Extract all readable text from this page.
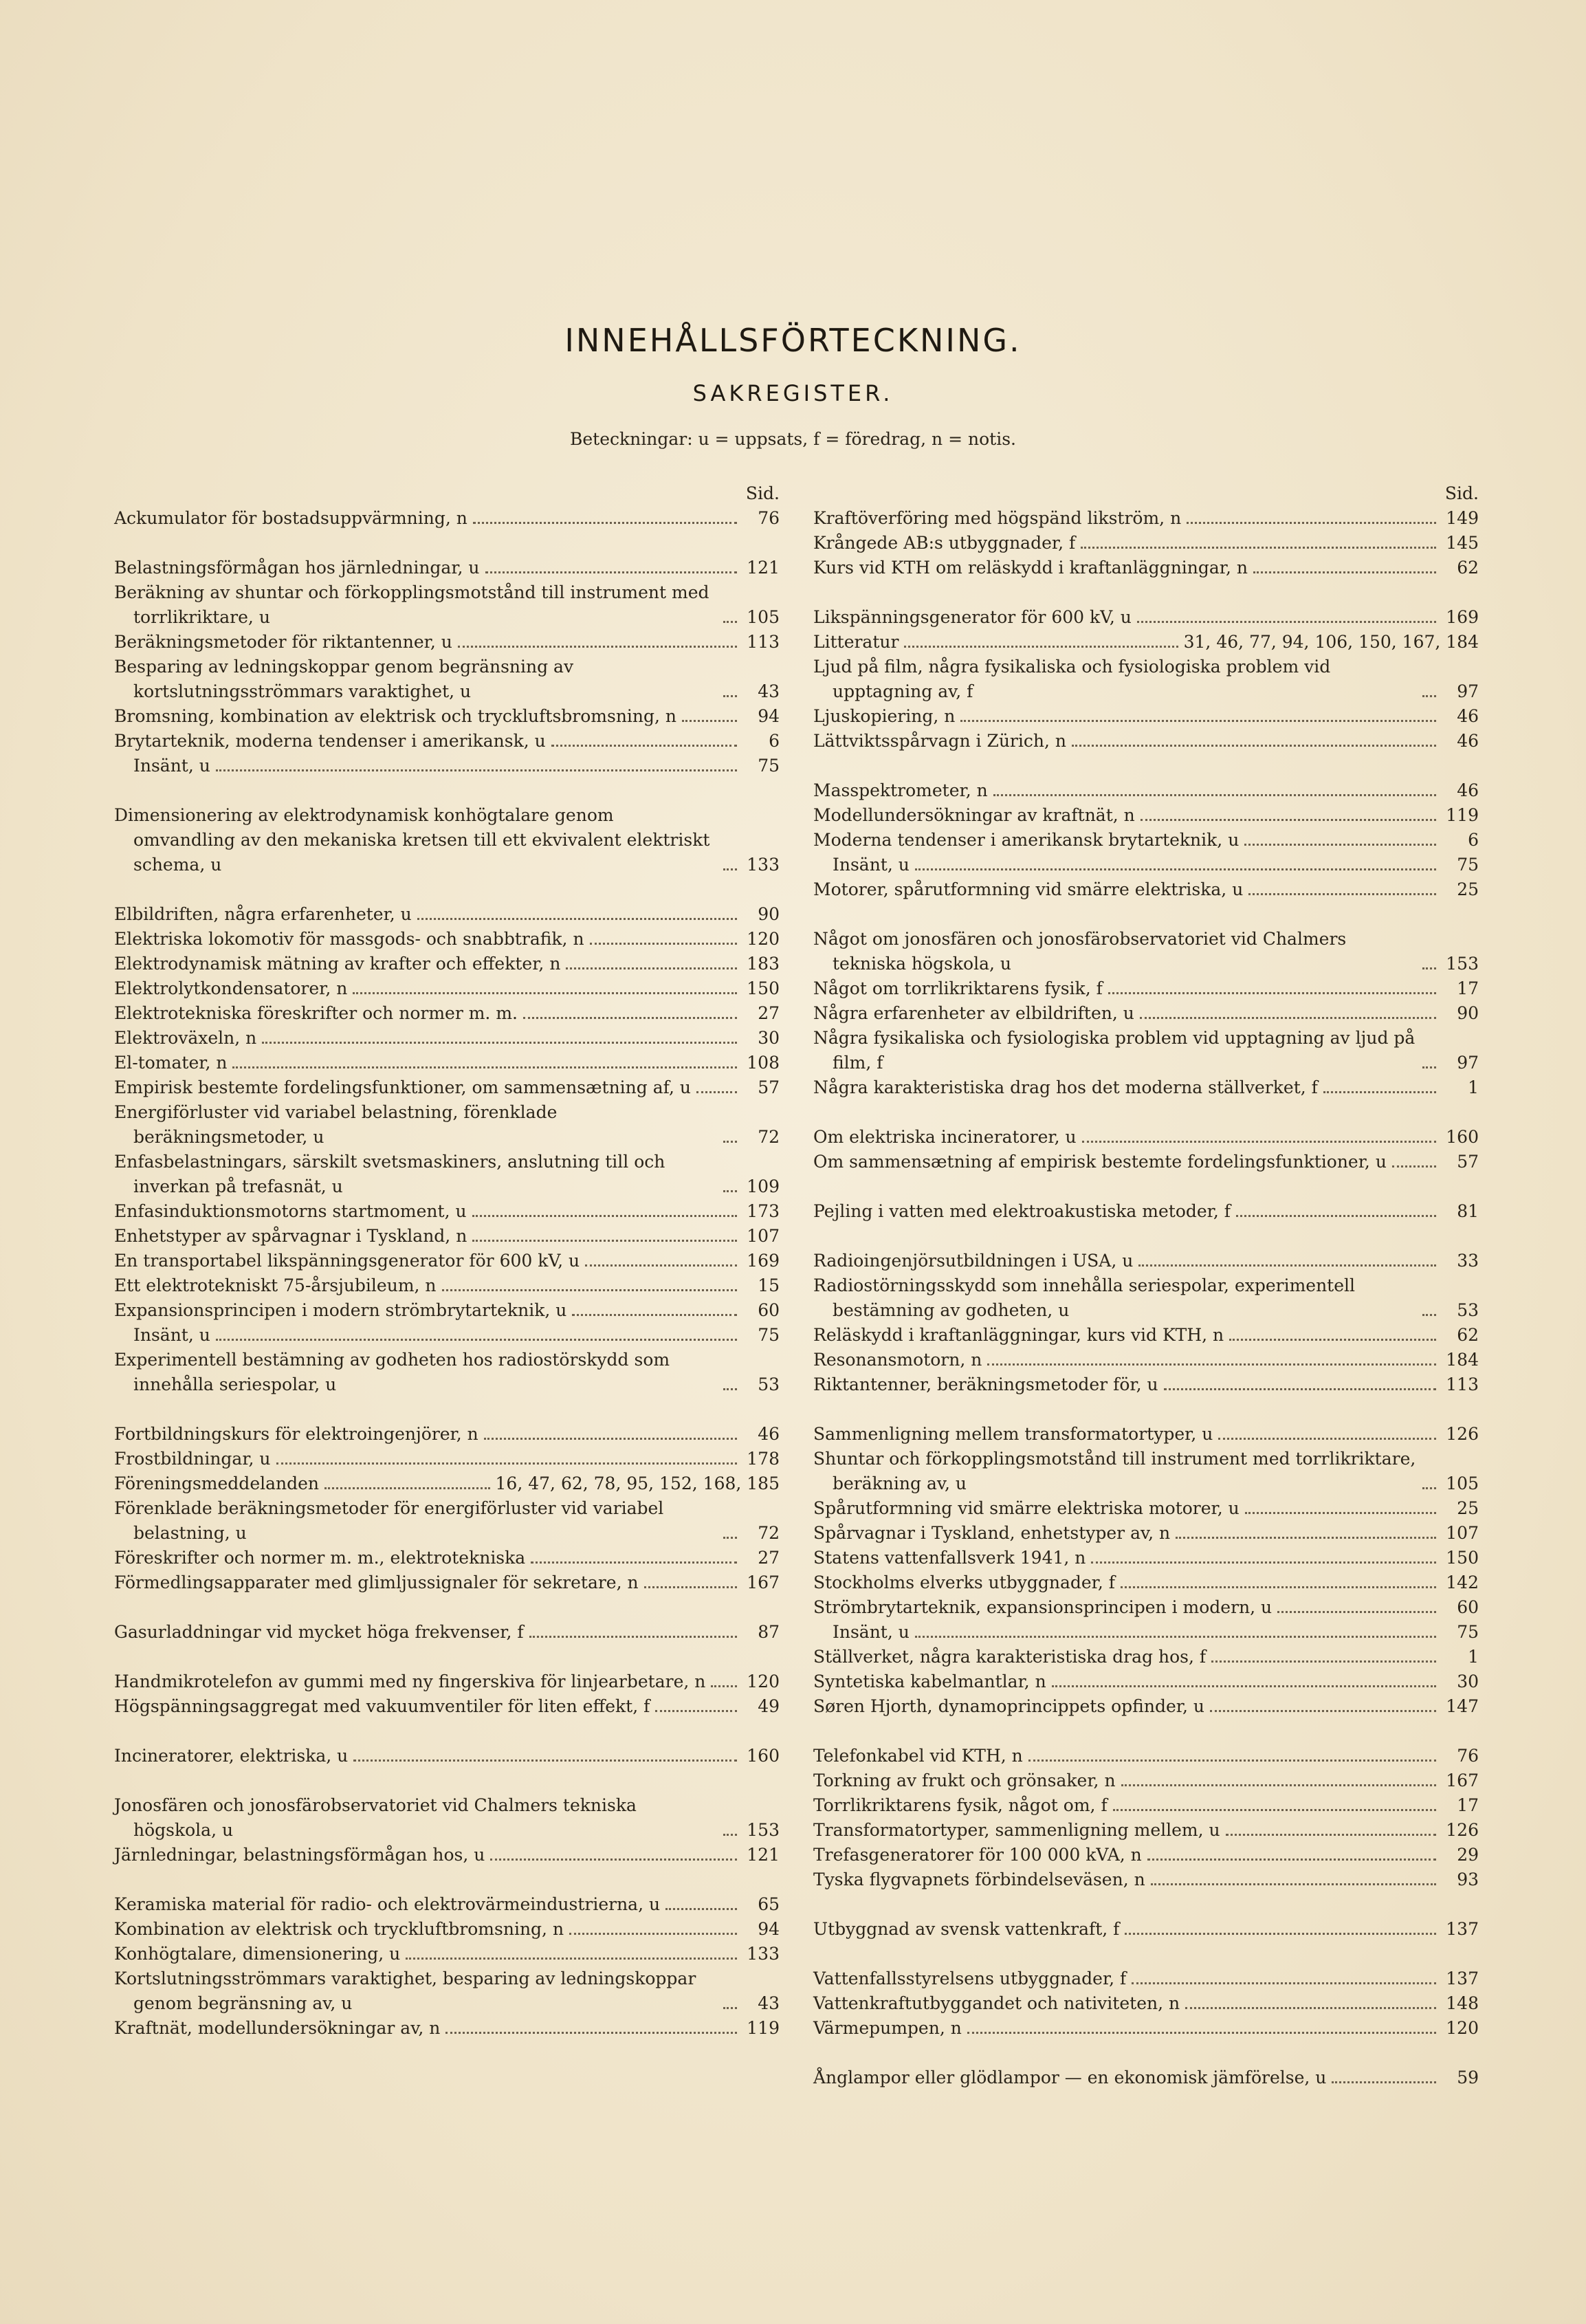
INNEHÅLLSFÖRTECKNING.
SAKREGISTER.
Beteckningar: u = uppsats, f = föredrag, n = notis.
Sid.
Ackumulator för bostadsuppvärmning, n	76
Belastningsförmågan hos järnledningar, u	121
Beräkning av shuntar och förkopplingsmotstånd till instrument med torrlikriktare, u	105
Beräkningsmetoder för riktantenner, u	113
Besparing av ledningskoppar genom begränsning av kortslutningsströmmars varaktighet, u	43
Bromsning, kombination av elektrisk och tryckluftsbromsning, n	94
Brytarteknik, moderna tendenser i amerikansk, u	6
Insänt, u	75
Dimensionering av elektrodynamisk konhögtalare genom omvandling av den mekaniska kretsen till ett ekvivalent elektriskt schema, u	133
Elbildriften, några erfarenheter, u	90
Elektriska lokomotiv för massgods- och snabbtrafik, n	120
Elektrodynamisk mätning av krafter och effekter, n	183
Elektrolytkondensatorer, n	150
Elektrotekniska föreskrifter och normer m. m.	27
Elektroväxeln, n	30
El-tomater, n	108
Empirisk bestemte fordelingsfunktioner, om sammensætning af, u	57
Energiförluster vid variabel belastning, förenklade beräkningsmetoder, u	72
Enfasbelastningars, särskilt svetsmaskiners, anslutning till och inverkan på trefasnät, u	109
Enfasinduktionsmotorns startmoment, u	173
Enhetstyper av spårvagnar i Tyskland, n	107
En transportabel likspänningsgenerator för 600 kV, u	169
Ett elektrotekniskt 75-årsjubileum, n	15
Expansionsprincipen i modern strömbrytarteknik, u	60
Insänt, u	75
Experimentell bestämning av godheten hos radiostörskydd som innehålla seriespolar, u	53
Fortbildningskurs för elektroingenjörer, n	46
Frostbildningar, u	178
Föreningsmeddelanden	16, 47, 62, 78, 95, 152, 168, 185
Förenklade beräkningsmetoder för energiförluster vid variabel belastning, u	72
Föreskrifter och normer m. m., elektrotekniska	27
Förmedlingsapparater med glimljussignaler för sekretare, n	167
Gasurladdningar vid mycket höga frekvenser, f	87
Handmikrotelefon av gummi med ny fingerskiva för linjearbetare, n 120
Högspänningsaggregat med vakuumventiler för liten effekt, f	49
Incineratorer, elektriska, u	160
Jonosfären och jonosfärobservatoriet vid Chalmers tekniska högskola, u	153
Järnledningar, belastningsförmågan hos, u	121
Keramiska material för radio- och elektrovärmeindustrierna, u	65
Kombination av elektrisk och tryckluftbromsning, n	94
Konhögtalare, dimensionering, u	133
Kortslutningsströmmars varaktighet, besparing av ledningskoppar genom begränsning av, u	43
Kraftnät, modellundersökningar av, n	119
Sid.
Kraftöverföring med högspänd likström, n	149
Krångede AB:s utbyggnader, f	145
Kurs vid KTH om reläskydd i kraftanläggningar, n	62
Likspänningsgenerator för 600 kV, u	169
Litteratur	31, 46, 77, 94, 106, 150, 167, 184
Ljud på film, några fysikaliska och fysiologiska problem vid upptagning av, f	97
Ljuskopiering, n	46
Lättviktsspårvagn i Zürich, n	46
Masspektrometer, n	46
Modellundersökningar av kraftnät, n	119
Moderna tendenser i amerikansk brytarteknik, u	6
Insänt, u	75
Motorer, spårutformning vid smärre elektriska, u	25
Något om jonosfären och jonosfärobservatoriet vid Chalmers tekniska högskola, u	153
Något om torrlikriktarens fysik, f	17
Några erfarenheter av elbildriften, u	90
Några fysikaliska och fysiologiska problem vid upptagning av ljud på film, f	97
Några karakteristiska drag hos det moderna ställverket, f	1
Om elektriska incineratorer, u	160
Om sammensætning af empirisk bestemte fordelingsfunktioner, u	57
Pejling i vatten med elektroakustiska metoder, f	81
Radioingenjörsutbildningen i USA, u	33
Radiostörningsskydd som innehålla seriespolar, experimentell bestämning av godheten, u	53
Reläskydd i kraftanläggningar, kurs vid KTH, n	62
Resonansmotorn, n	184
Riktantenner, beräkningsmetoder för, u	113
Sammenligning mellem transformatortyper, u	126
Shuntar och förkopplingsmotstånd till instrument med torrlikriktare, beräkning av, u	105
Spårutformning vid smärre elektriska motorer, u	25
Spårvagnar i Tyskland, enhetstyper av, n	107
Statens vattenfallsverk 1941, n	150
Stockholms elverks utbyggnader, f	142
Strömbrytarteknik, expansionsprincipen i modern, u	60
Insänt, u	75
Ställverket, några karakteristiska drag hos, f	1
Syntetiska kabelmantlar, n	30
Søren Hjorth, dynamoprincippets opfinder, u	147
Telefonkabel vid KTH, n	76
Torkning av frukt och grönsaker, n	167
Torrlikriktarens fysik, något om, f	17
Transformatortyper, sammenligning mellem, u	126
Trefasgeneratorer för 100 000 kVA, n	29
Tyska flygvapnets förbindelseväsen, n	93
Utbyggnad av svensk vattenkraft, f	137
Vattenfallsstyrelsens utbyggnader, f	137
Vattenkraftutbyggandet och nativiteten, n	148
Värmepumpen, n	120
Ånglampor eller glödlampor — en ekonomisk jämförelse, u	59
